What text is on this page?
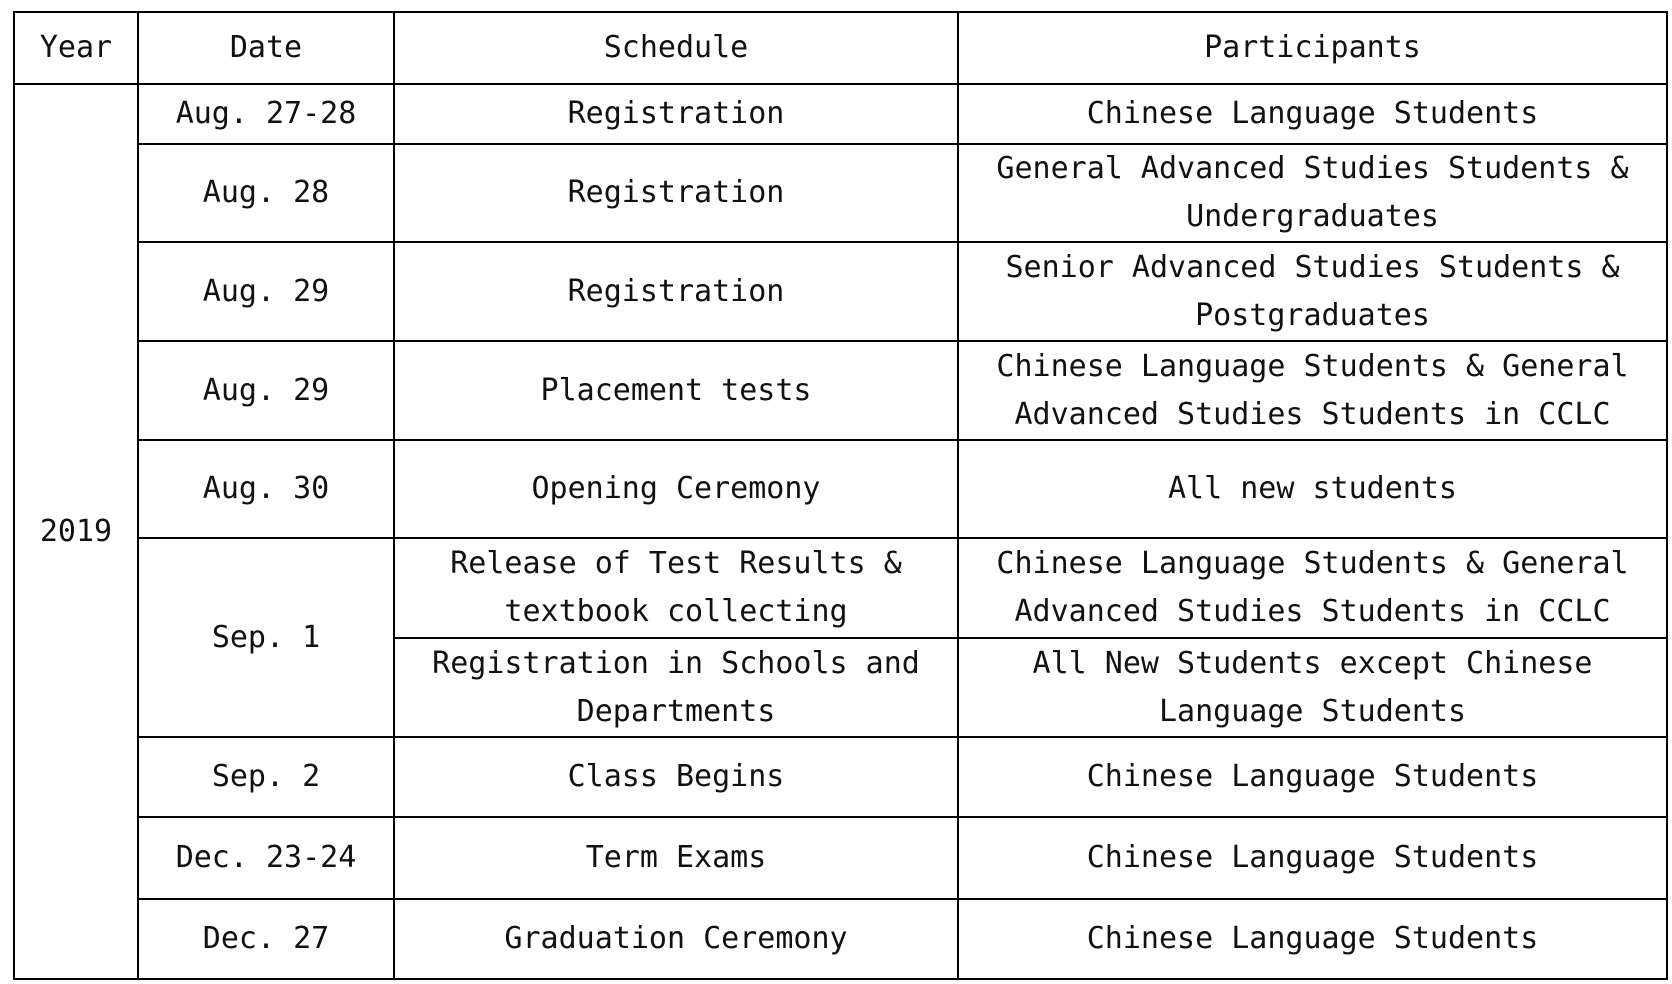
Year	Date	Schedule	Participants
2019	Aug. 27-28	Registration	Chinese Language Students
	Aug. 28	Registration	General Advanced Studies Students & Undergraduates
	Aug. 29	Registration	Senior Advanced Studies Students & Postgraduates
	Aug. 29	Placement tests	Chinese Language Students & General Advanced Studies Students in CCLC
	Aug. 30	Opening Ceremony	All new students
	Sep. 1	Release of Test Results & textbook collecting	Chinese Language Students & General Advanced Studies Students in CCLC
		Registration in Schools and Departments	All New Students except Chinese Language Students
	Sep. 2	Class Begins	Chinese Language Students
	Dec. 23-24	Term Exams	Chinese Language Students
	Dec. 27	Graduation Ceremony	Chinese Language Students
